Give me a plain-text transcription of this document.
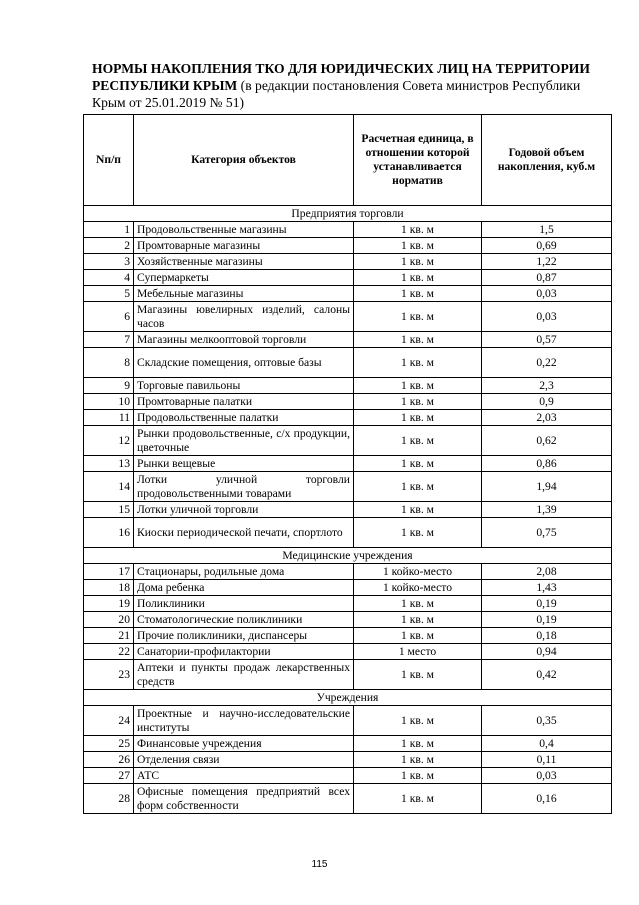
НОРМЫ НАКОПЛЕНИЯ ТКО ДЛЯ ЮРИДИЧЕСКИХ ЛИЦ НА ТЕРРИТОРИИ РЕСПУБЛИКИ КРЫМ (в редакции постановления Совета министров Республики Крым от 25.01.2019 № 51)
Nп/п	Категория объектов	Расчетная единица, в отношении которой устанавливается норматив	Годовой объем накопления, куб.м
Предприятия торговли			
1	Продовольственные магазины	1 кв. м	1,5
2	Промтоварные магазины	1 кв. м	0,69
3	Хозяйственные магазины	1 кв. м	1,22
4	Супермаркеты	1 кв. м	0,87
5	Мебельные магазины	1 кв. м	0,03
6	Магазины ювелирных изделий, салоны часов	1 кв. м	0,03
7	Магазины мелкооптовой торговли	1 кв. м	0,57
8	Складские помещения, оптовые базы	1 кв. м	0,22
9	Торговые павильоны	1 кв. м	2,3
10	Промтоварные палатки	1 кв. м	0,9
11	Продовольственные палатки	1 кв. м	2,03
12	Рынки продовольственные, с/х продукции, цветочные	1 кв. м	0,62
13	Рынки вещевые	1 кв. м	0,86
14	Лотки уличной торговли продовольственными товарами	1 кв. м	1,94
15	Лотки уличной торговли	1 кв. м	1,39
16	Киоски периодической печати, спортлото	1 кв. м	0,75
Медицинские учреждения			
17	Стационары, родильные дома	1 койко-место	2,08
18	Дома ребенка	1 койко-место	1,43
19	Поликлиники	1 кв. м	0,19
20	Стоматологические поликлиники	1 кв. м	0,19
21	Прочие поликлиники, диспансеры	1 кв. м	0,18
22	Санатории-профилактории	1 место	0,94
23	Аптеки и пункты продаж лекарственных средств	1 кв. м	0,42
Учреждения			
24	Проектные и научно-исследовательские институты	1 кв. м	0,35
25	Финансовые учреждения	1 кв. м	0,4
26	Отделения связи	1 кв. м	0,11
27	АТС	1 кв. м	0,03
28	Офисные помещения предприятий всех форм собственности	1 кв. м	0,16
115
